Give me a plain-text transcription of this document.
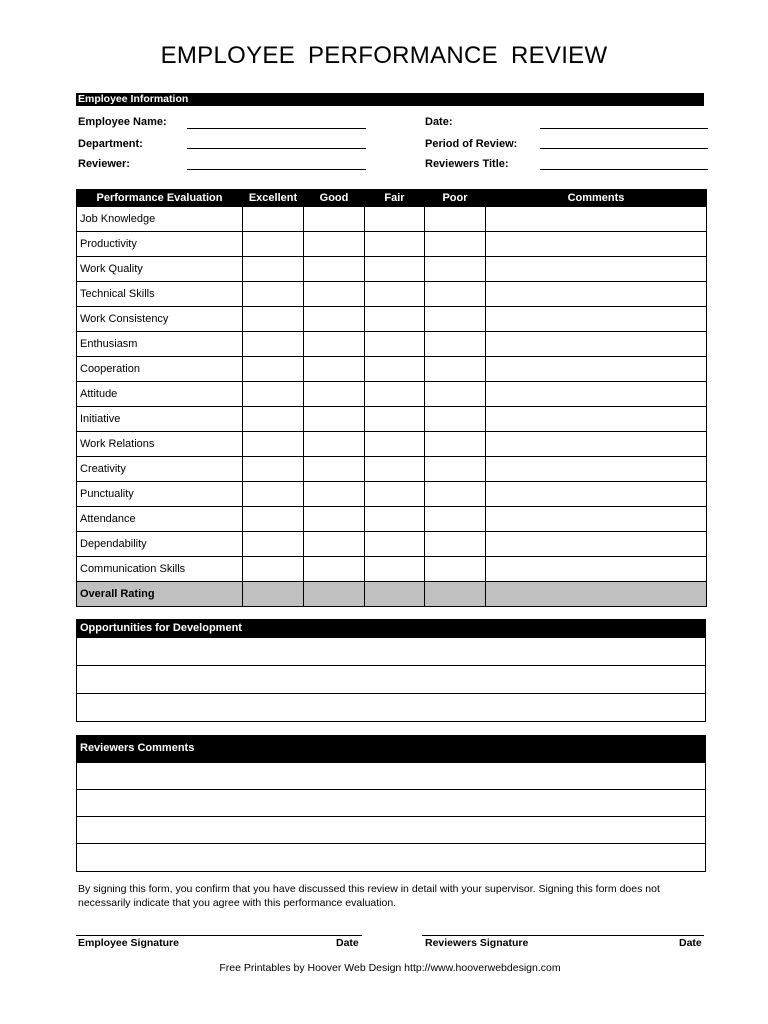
EMPLOYEE PERFORMANCE REVIEW
Employee Information
Employee Name:	Date:
Department:	Period of Review:
Reviewer:	Reviewers Title:
Performance Evaluation	Excellent	Good	Fair	Poor	Comments
Job Knowledge					
Productivity					
Work Quality					
Technical Skills					
Work Consistency					
Enthusiasm					
Cooperation					
Attitude					
Initiative					
Work Relations					
Creativity					
Punctuality					
Attendance					
Dependability					
Communication Skills					
Overall Rating					
Opportunities for Development
Reviewers Comments
By signing this form, you confirm that you have discussed this review in detail with your supervisor. Signing this form does not necessarily indicate that you agree with this performance evaluation.
Employee Signature	Date	Reviewers Signature	Date
Free Printables by Hoover Web Design http://www.hooverwebdesign.com
